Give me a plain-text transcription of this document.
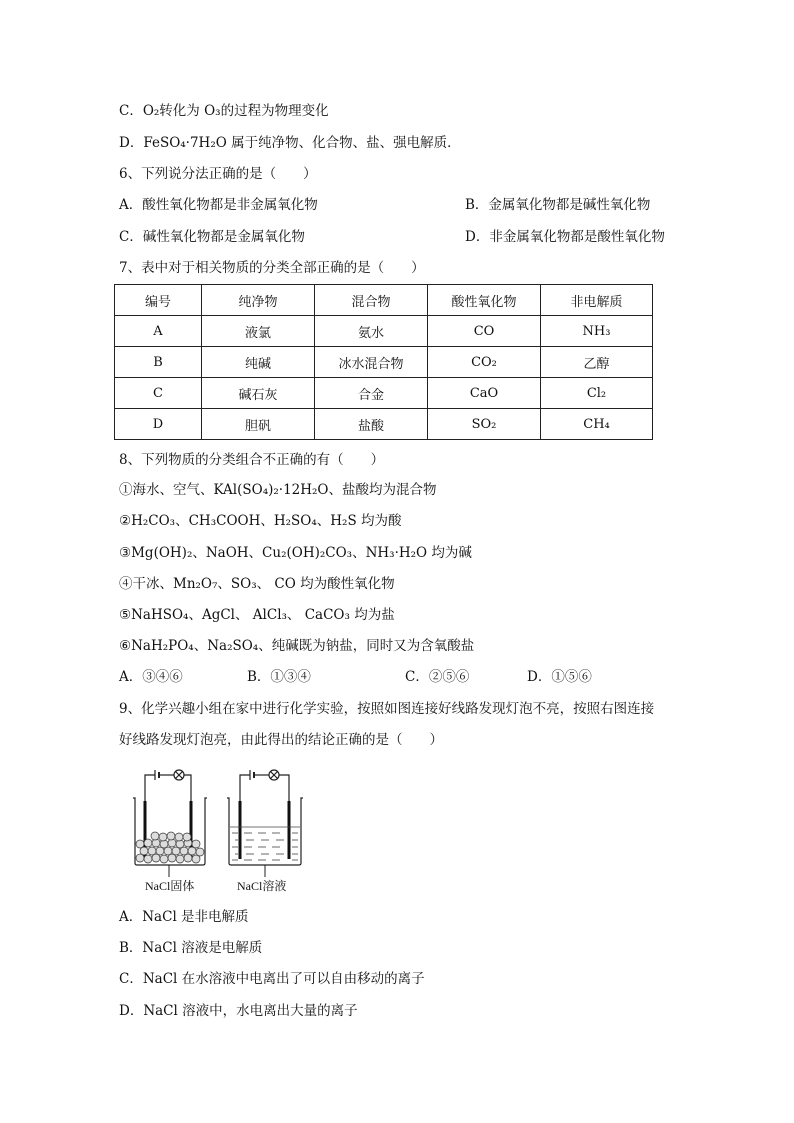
C．O₂转化为 O₃的过程为物理变化
D．FeSO₄·7H₂O 属于纯净物、化合物、盐、强电解质．
6、下列说分法正确的是（　　）
A．酸性氧化物都是非金属氧化物	B．金属氧化物都是碱性氧化物
C．碱性氧化物都是金属氧化物	D．非金属氧化物都是酸性氧化物
7、表中对于相关物质的分类全部正确的是（　　）
编号	纯净物	混合物	酸性氧化物	非电解质
A	液氯	氨水	CO	NH₃
B	纯碱	冰水混合物	CO₂	乙醇
C	碱石灰	合金	CaO	Cl₂
D	胆矾	盐酸	SO₂	CH₄
8、下列物质的分类组合不正确的有（　　）
①海水、空气、KAl(SO₄)₂·12H₂O、盐酸均为混合物
②H₂CO₃、CH₃COOH、H₂SO₄、H₂S 均为酸
③Mg(OH)₂、NaOH、Cu₂(OH)₂CO₃、NH₃·H₂O 均为碱
④干冰、Mn₂O₇、SO₃、 CO 均为酸性氧化物
⑤NaHSO₄、AgCl、 AlCl₃、 CaCO₃ 均为盐
⑥NaH₂PO₄、Na₂SO₄、纯碱既为钠盐，同时又为含氧酸盐
A．③④⑥	B．①③④	C．②⑤⑥	D．①⑤⑥
9、化学兴趣小组在家中进行化学实验，按照如图连接好线路发现灯泡不亮，按照右图连接
好线路发现灯泡亮，由此得出的结论正确的是（　　）
NaCl固体	NaCl溶液
A．NaCl 是非电解质
B．NaCl 溶液是电解质
C．NaCl 在水溶液中电离出了可以自由移动的离子
D．NaCl 溶液中，水电离出大量的离子
